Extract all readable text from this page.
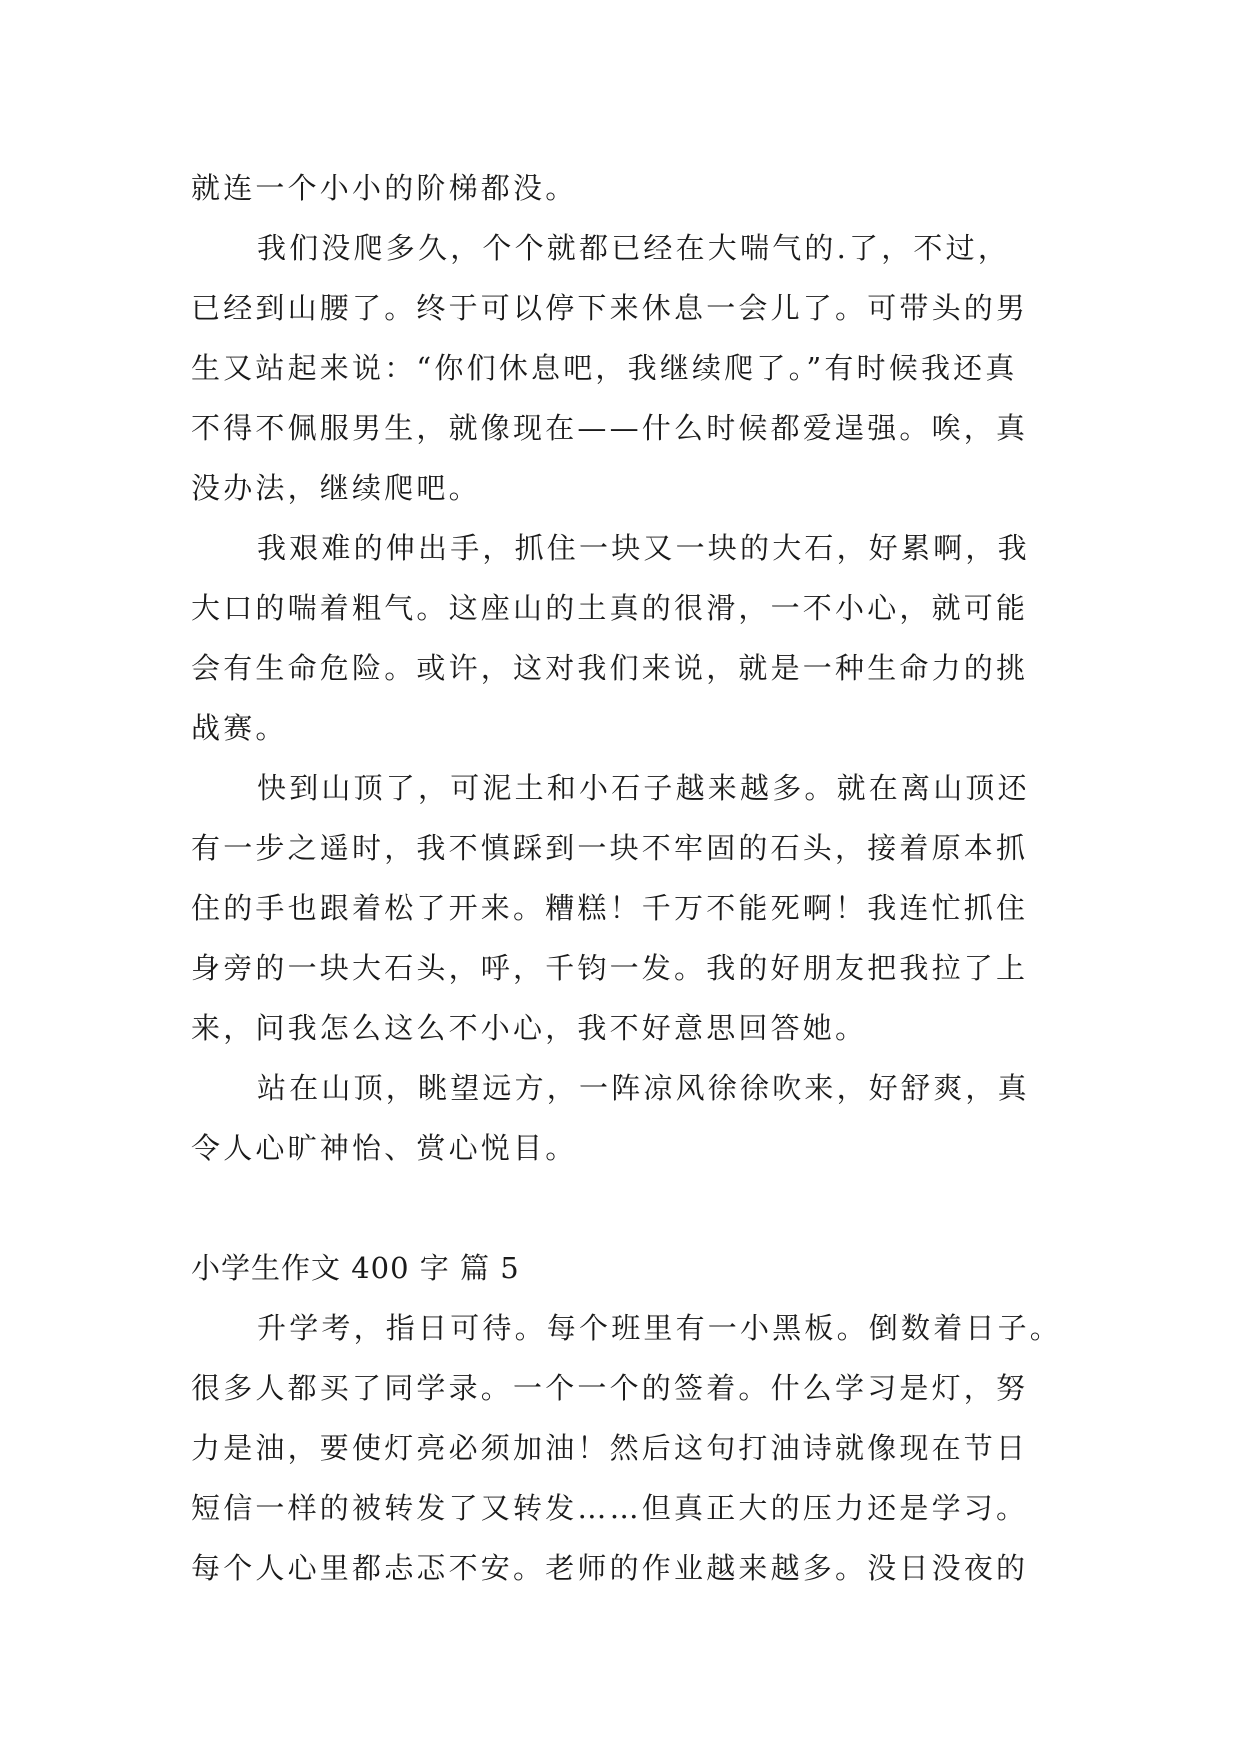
就连一个小小的阶梯都没。
我们没爬多久，个个就都已经在大喘气的.了，不过，
已经到山腰了。终于可以停下来休息一会儿了。可带头的男
生又站起来说：“你们休息吧，我继续爬了。”有时候我还真
不得不佩服男生，就像现在——什么时候都爱逞强。唉，真
没办法，继续爬吧。
我艰难的伸出手，抓住一块又一块的大石，好累啊，我
大口的喘着粗气。这座山的土真的很滑，一不小心，就可能
会有生命危险。或许，这对我们来说，就是一种生命力的挑
战赛。
快到山顶了，可泥土和小石子越来越多。就在离山顶还
有一步之遥时，我不慎踩到一块不牢固的石头，接着原本抓
住的手也跟着松了开来。糟糕！千万不能死啊！我连忙抓住
身旁的一块大石头，呼，千钧一发。我的好朋友把我拉了上
来，问我怎么这么不小心，我不好意思回答她。
站在山顶，眺望远方，一阵凉风徐徐吹来，好舒爽，真
令人心旷神怡、赏心悦目。
小学生作文 400 字 篇 5
升学考，指日可待。每个班里有一小黑板。倒数着日子。
很多人都买了同学录。一个一个的签着。什么学习是灯，努
力是油，要使灯亮必须加油！然后这句打油诗就像现在节日
短信一样的被转发了又转发……但真正大的压力还是学习。
每个人心里都忐忑不安。老师的作业越来越多。没日没夜的
